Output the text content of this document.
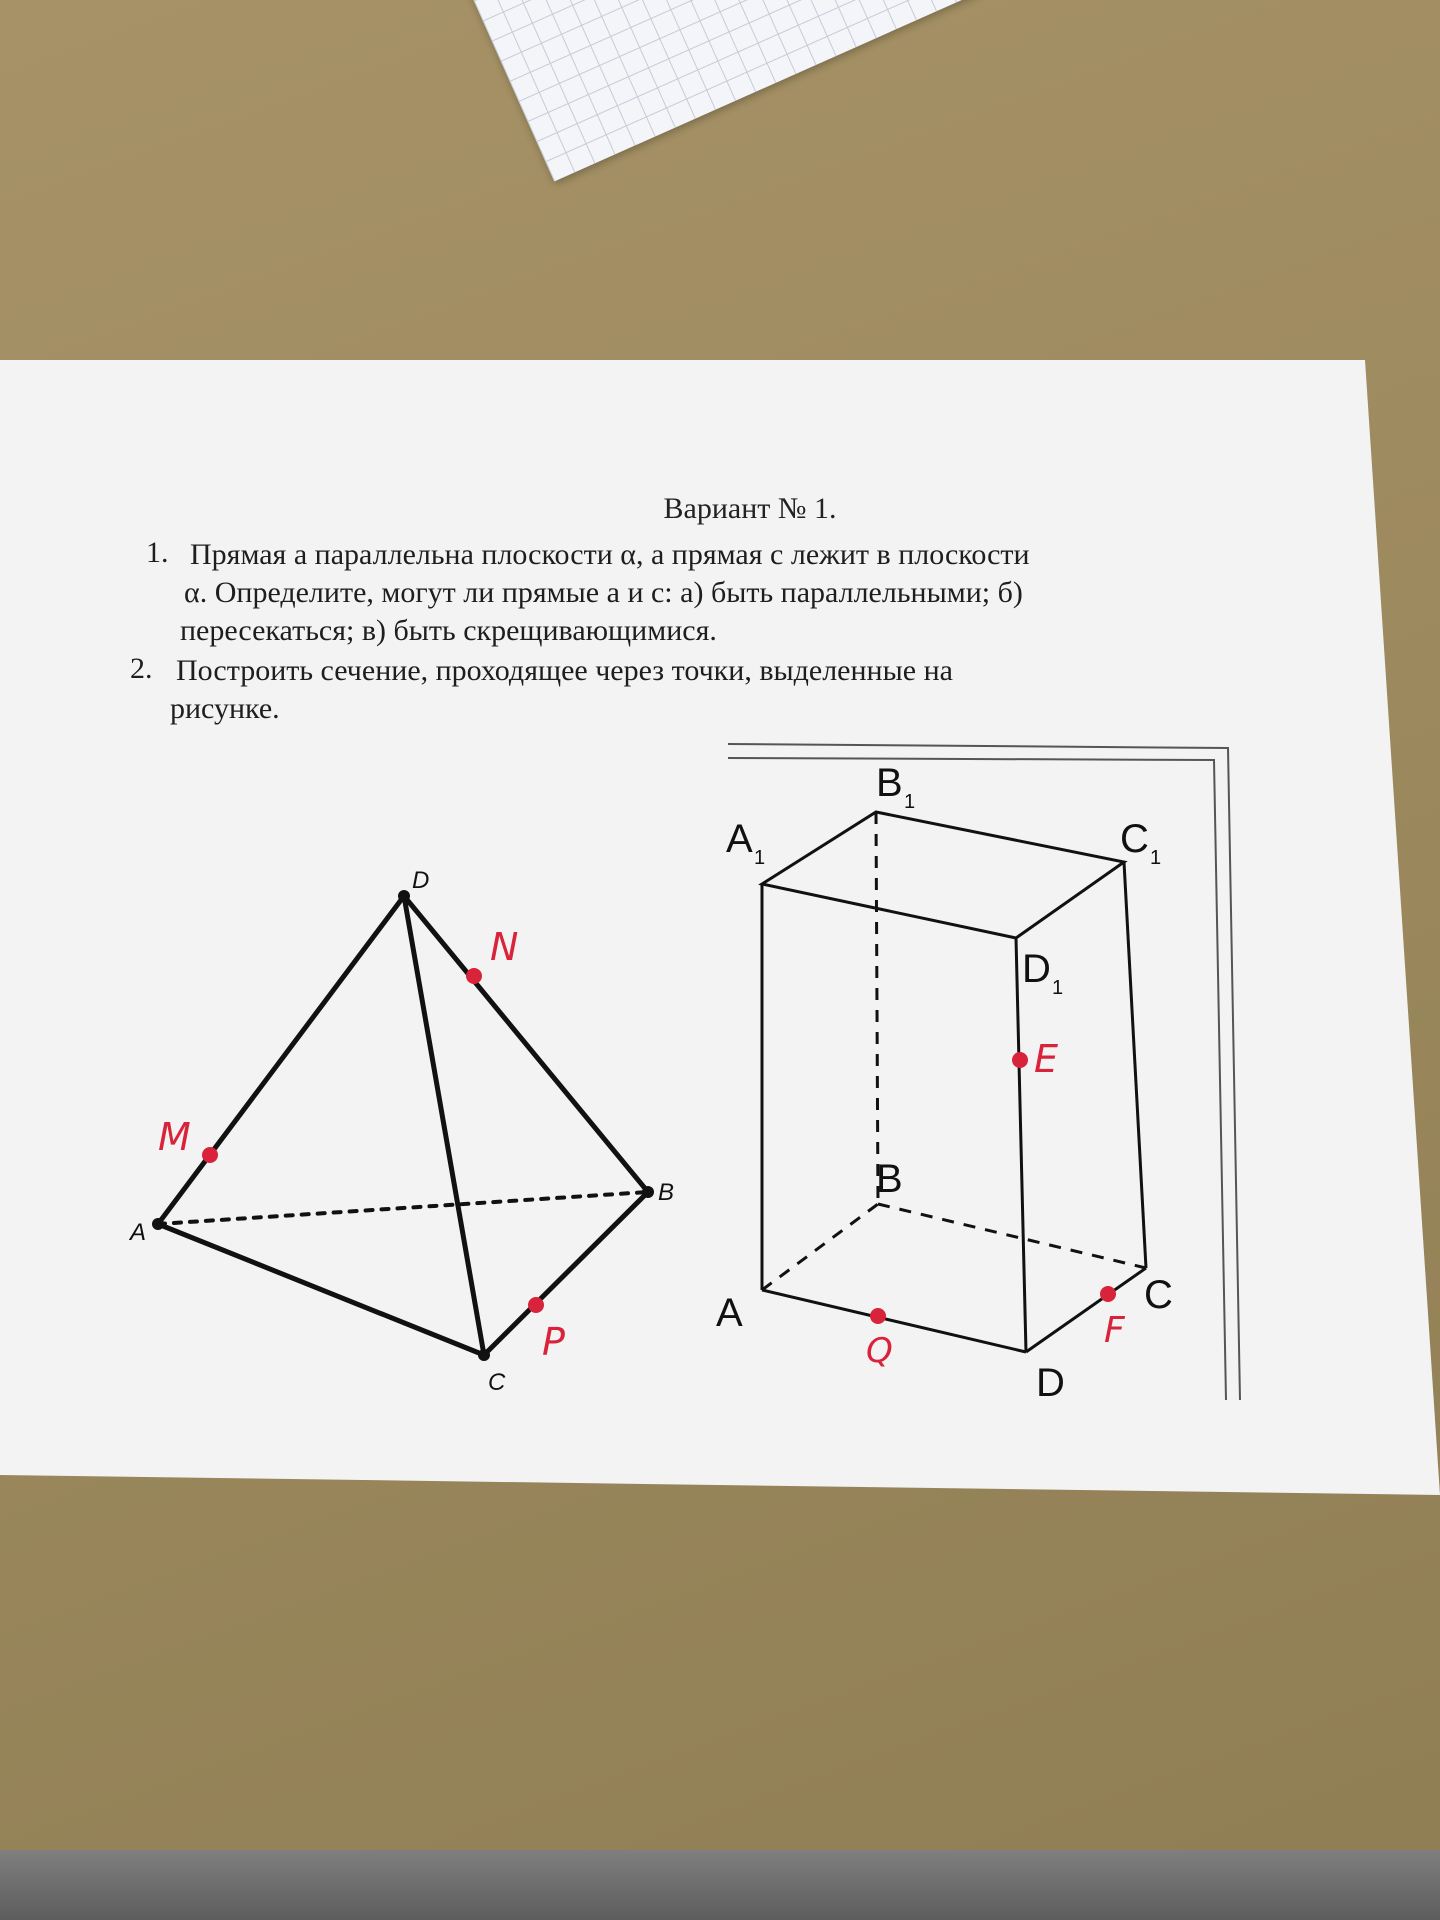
Вариант № 1.
1. Прямая а параллельна плоскости α, а прямая с лежит в плоскости
α. Определите, могут ли прямые а и с: а) быть параллельными; б)
пересекаться; в) быть скрещивающимися.
2. Построить сечение, проходящее через точки, выделенные на
рисунке.
D
A
B
C
M
N
P
B 1
A 1	C 1
D 1
B
A	C
D
E
Q	F
